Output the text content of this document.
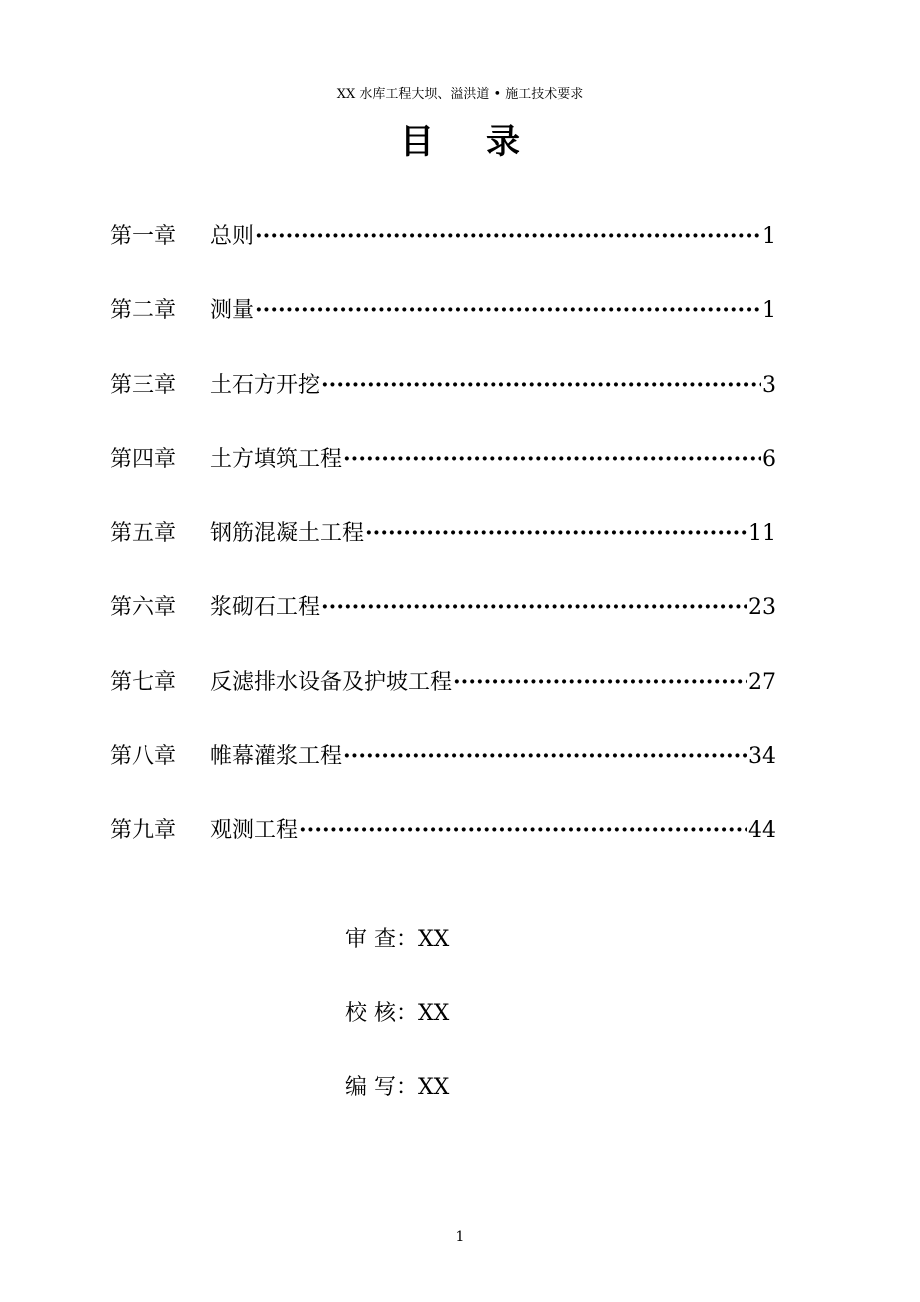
XX 水库工程大坝、溢洪道 • 施工技术要求
目录
第一章	总则 ·····	1
第二章	测量 ·····	1
第三章	土石方开挖 ·····	3
第四章	土方填筑工程 ·····	6
第五章	钢筋混凝土工程 ·····	11
第六章	浆砌石工程 ·····	23
第七章	反滤排水设备及护坡工程 ·····	27
第八章	帷幕灌浆工程 ·····	34
第九章	观测工程 ·····	44
审 查：XX
校 核：XX
编 写：XX
1
